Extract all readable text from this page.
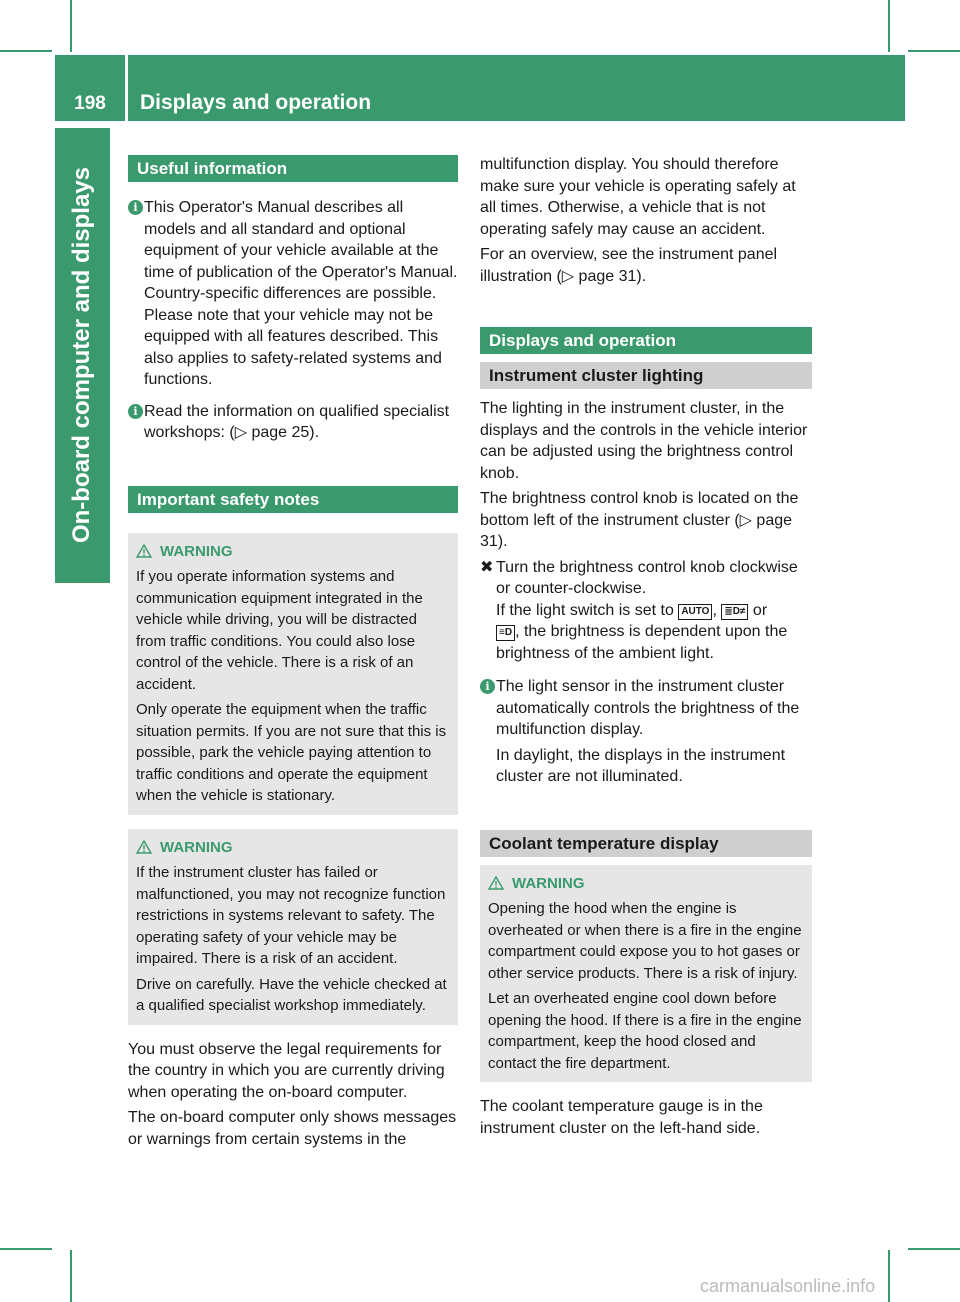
198	Displays and operation
On-board computer and displays	Useful information
i This Operator's Manual describes all models and all standard and optional equipment of your vehicle available at the time of publication of the Operator's Manual. Country-specific differences are possible. Please note that your vehicle may not be equipped with all features described. This also applies to safety-related systems and functions.
i Read the information on qualified specialist workshops: (▷ page 25).
Important safety notes
WARNING

If you operate information systems and communication equipment integrated in the vehicle while driving, you will be distracted from traffic conditions. You could also lose control of the vehicle. There is a risk of an accident.

Only operate the equipment when the traffic situation permits. If you are not sure that this is possible, park the vehicle paying attention to traffic conditions and operate the equipment when the vehicle is stationary.

WARNING

If the instrument cluster has failed or malfunctioned, you may not recognize function restrictions in systems relevant to safety. The operating safety of your vehicle may be impaired. There is a risk of an accident.

Drive on carefully. Have the vehicle checked at a qualified specialist workshop immediately.

You must observe the legal requirements for the country in which you are currently driving when operating the on-board computer.

The on-board computer only shows messages or warnings from certain systems in the

multifunction display. You should therefore make sure your vehicle is operating safely at all times. Otherwise, a vehicle that is not operating safely may cause an accident.

For an overview, see the instrument panel illustration (▷ page 31).

Displays and operation
Instrument cluster lighting

The lighting in the instrument cluster, in the displays and the controls in the vehicle interior can be adjusted using the brightness control knob.

The brightness control knob is located on the bottom left of the instrument cluster (▷ page 31).

✖ Turn the brightness control knob clockwise or counter-clockwise.
If the light switch is set to AUTO , ≣D≠ or
≡D , the brightness is dependent upon the brightness of the ambient light.
i The light sensor in the instrument cluster automatically controls the brightness of the multifunction display.

In daylight, the displays in the instrument cluster are not illuminated.

Coolant temperature display
WARNING

Opening the hood when the engine is overheated or when there is a fire in the engine compartment could expose you to hot gases or other service products. There is a risk of injury.

Let an overheated engine cool down before opening the hood. If there is a fire in the engine compartment, keep the hood closed and contact the fire department.

The coolant temperature gauge is in the instrument cluster on the left-hand side.

carmanualsonline.info
